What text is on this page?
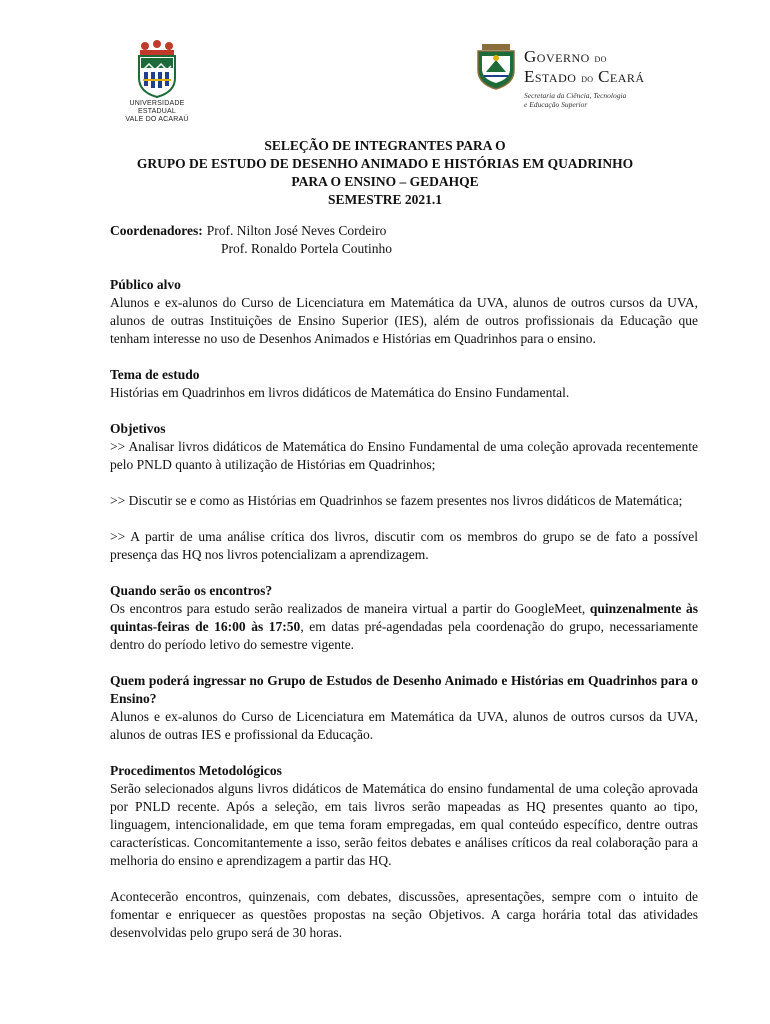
UNIVERSIDADE ESTADUAL
VALE DO ACARAÚ
Governo do
Estado do Ceará
Secretaria da Ciência, Tecnologia
e Educação Superior
SELEÇÃO DE INTEGRANTES PARA O
GRUPO DE ESTUDO DE DESENHO ANIMADO E HISTÓRIAS EM QUADRINHO
PARA O ENSINO – GEDAHQE
SEMESTRE 2021.1
Coordenadores: Prof. Nilton José Neves Cordeiro
Prof. Ronaldo Portela Coutinho
Público alvo

Alunos e ex-alunos do Curso de Licenciatura em Matemática da UVA, alunos de outros cursos da UVA, alunos de outras Instituições de Ensino Superior (IES), além de outros profissionais da Educação que tenham interesse no uso de Desenhos Animados e Histórias em Quadrinhos para o ensino.

Tema de estudo

Histórias em Quadrinhos em livros didáticos de Matemática do Ensino Fundamental.

Objetivos

>> Analisar livros didáticos de Matemática do Ensino Fundamental de uma coleção aprovada recentemente pelo PNLD quanto à utilização de Histórias em Quadrinhos;

>> Discutir se e como as Histórias em Quadrinhos se fazem presentes nos livros didáticos de Matemática;

>> A partir de uma análise crítica dos livros, discutir com os membros do grupo se de fato a possível presença das HQ nos livros potencializam a aprendizagem.

Quando serão os encontros?

Os encontros para estudo serão realizados de maneira virtual a partir do GoogleMeet, quinzenalmente às quintas-feiras de 16:00 às 17:50, em datas pré-agendadas pela coordenação do grupo, necessariamente dentro do período letivo do semestre vigente.

Quem poderá ingressar no Grupo de Estudos de Desenho Animado e Histórias em Quadrinhos para o Ensino?

Alunos e ex-alunos do Curso de Licenciatura em Matemática da UVA, alunos de outros cursos da UVA, alunos de outras IES e profissional da Educação.

Procedimentos Metodológicos

Serão selecionados alguns livros didáticos de Matemática do ensino fundamental de uma coleção aprovada por PNLD recente. Após a seleção, em tais livros serão mapeadas as HQ presentes quanto ao tipo, linguagem, intencionalidade, em que tema foram empregadas, em qual conteúdo específico, dentre outras características. Concomitantemente a isso, serão feitos debates e análises críticos da real colaboração para a melhoria do ensino e aprendizagem a partir das HQ.

Acontecerão encontros, quinzenais, com debates, discussões, apresentações, sempre com o intuito de fomentar e enriquecer as questões propostas na seção Objetivos. A carga horária total das atividades desenvolvidas pelo grupo será de 30 horas.
